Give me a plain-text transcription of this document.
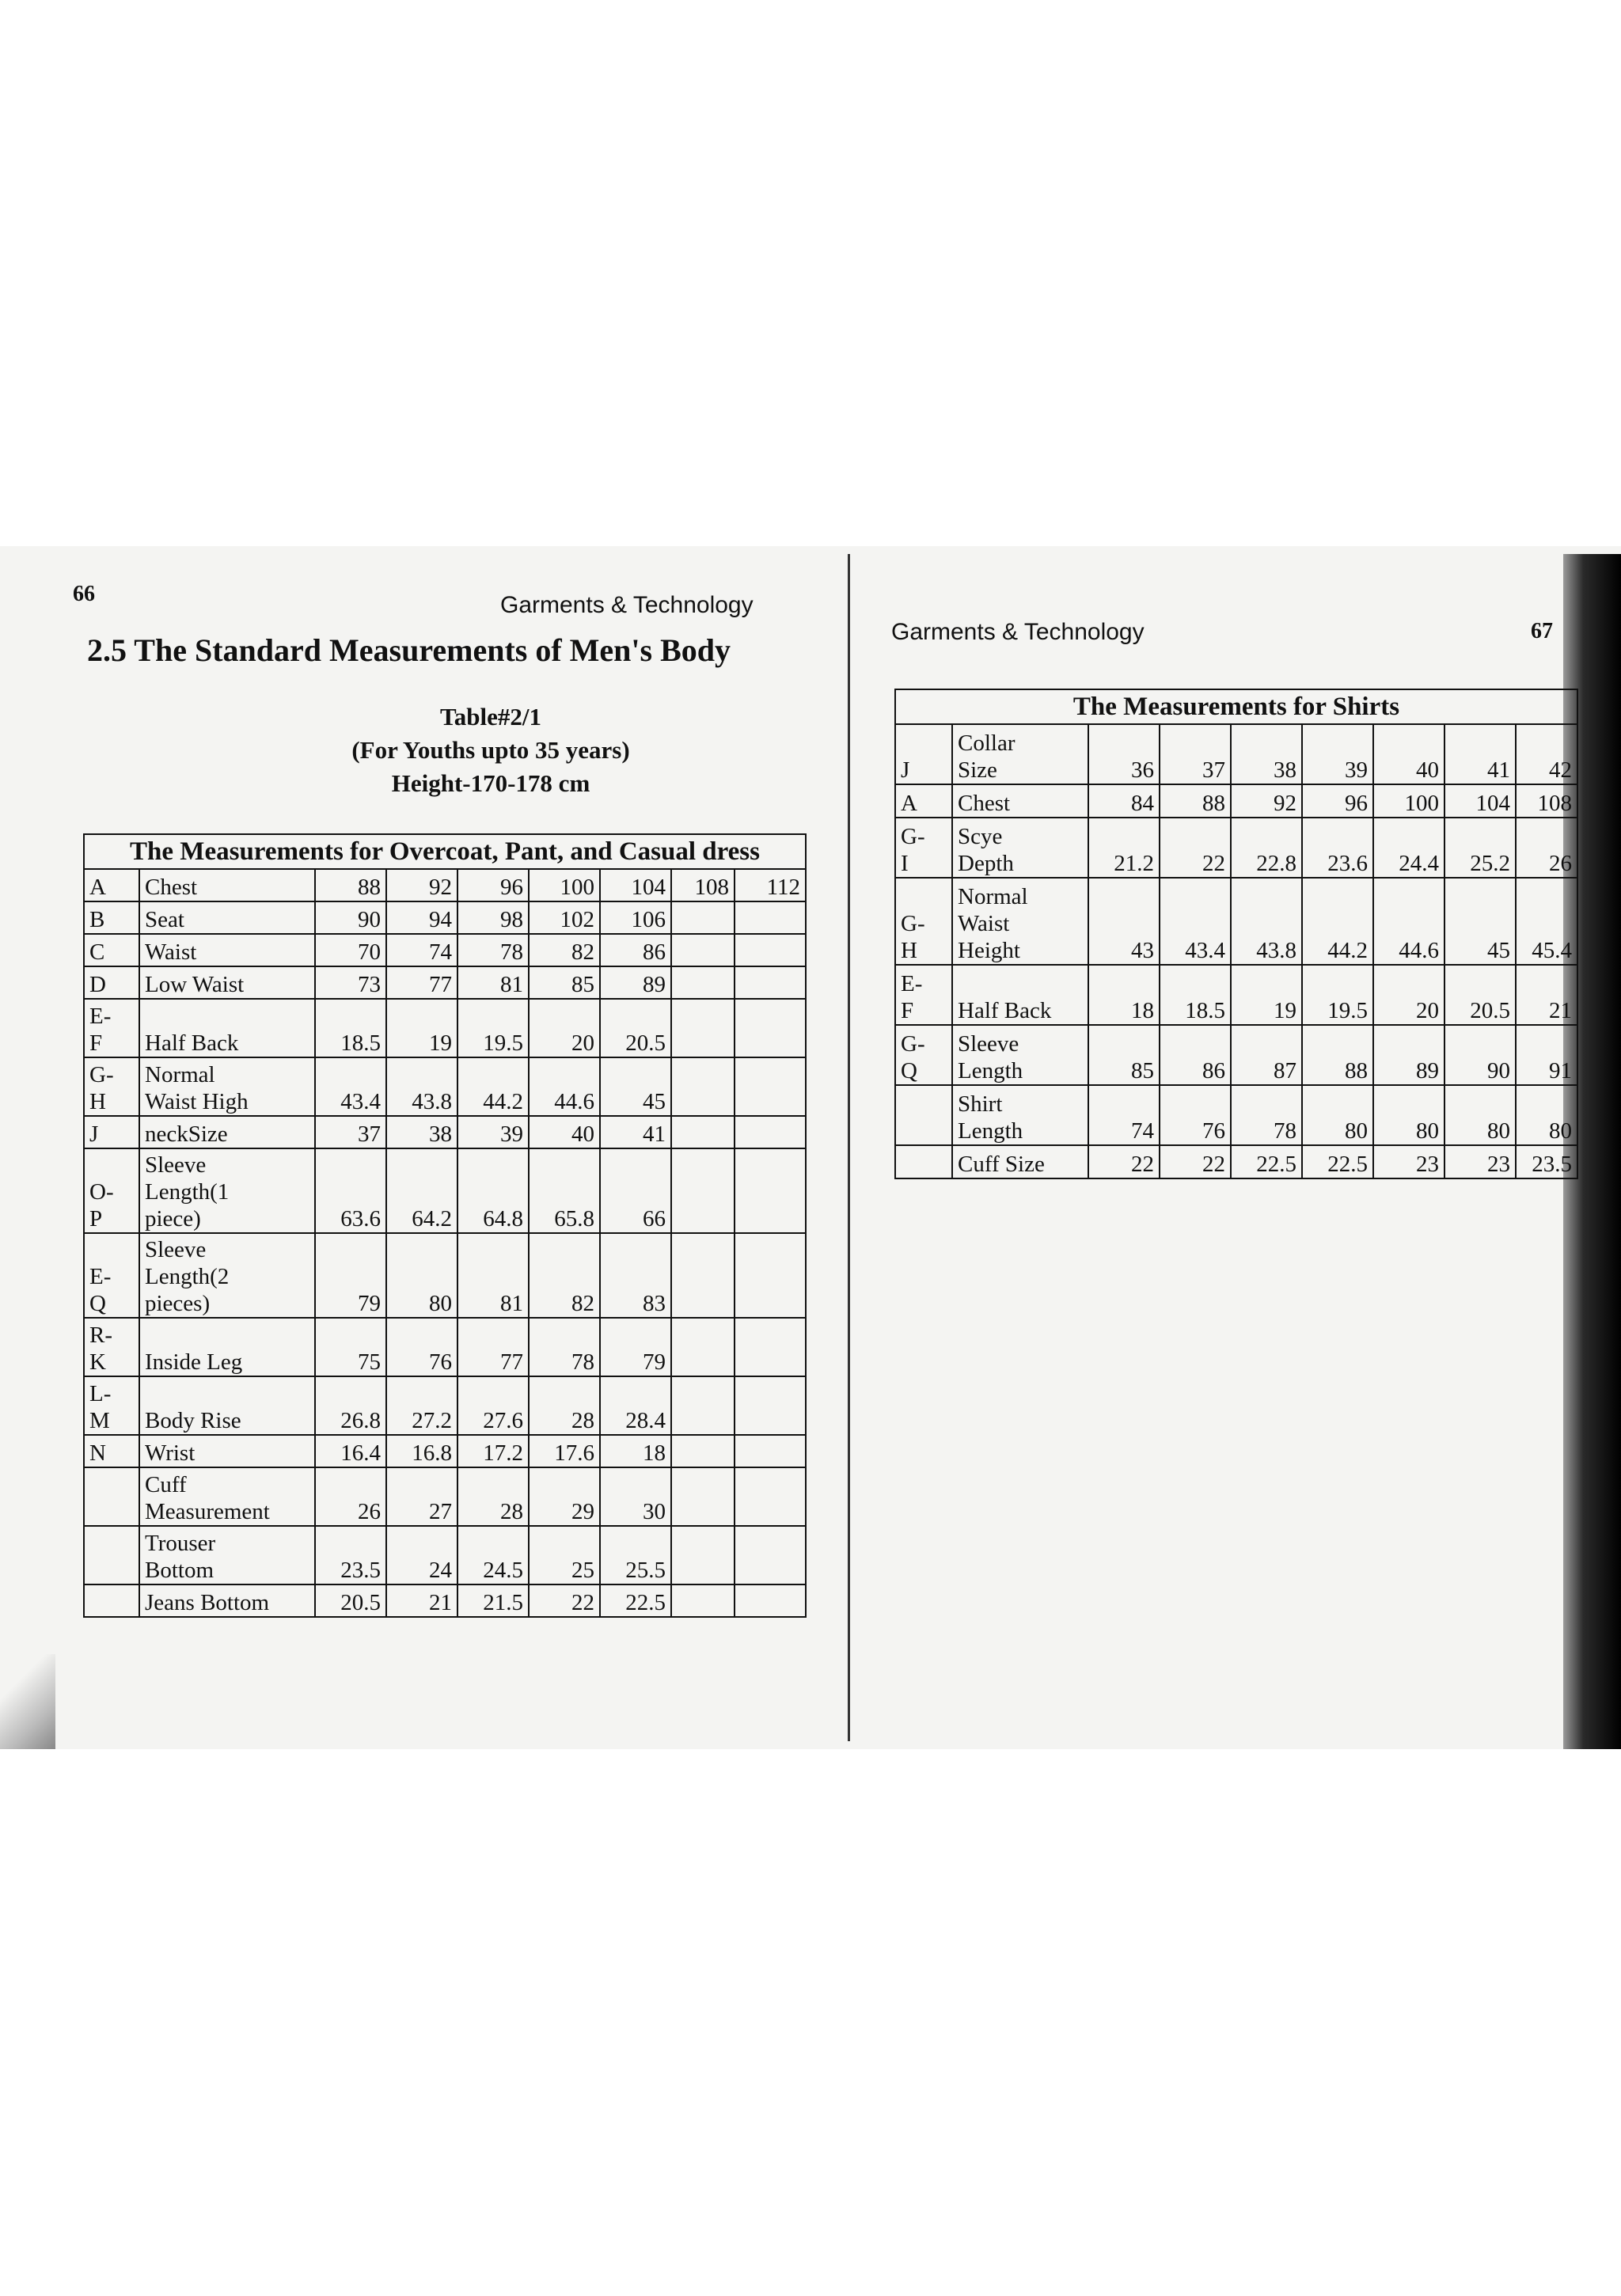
66	Garments & Technology
2.5 The Standard Measurements of Men's Body
Table#2/1
(For Youths upto 35 years)
Height-170-178 cm
The Measurements for Overcoat, Pant, and Casual dress								

A	Chest	88	92	96	100	104	108	112

B	Seat	90	94	98	102	106		

C	Waist	70	74	78	82	86		

D	Low Waist	73	77	81	85	89		

E-
F	Half Back	18.5	19	19.5	20	20.5		

G-
H	Normal
Waist High	43.4	43.8	44.2	44.6	45		

J	neckSize	37	38	39	40	41		

O-
P	Sleeve
Length(1
piece)	63.6	64.2	64.8	65.8	66		

E-
Q	Sleeve
Length(2
pieces)	79	80	81	82	83		

R-
K	Inside Leg	75	76	77	78	79		

L-
M	Body Rise	26.8	27.2	27.6	28	28.4		

N	Wrist	16.4	16.8	17.2	17.6	18		

	Cuff
Measurement	26	27	28	29	30		

	Trouser
Bottom	23.5	24	24.5	25	25.5		

	Jeans Bottom	20.5	21	21.5	22	22.5		
Garments & Technology	67
The Measurements for Shirts								

J	Collar
Size	36	37	38	39	40	41	42

A	Chest	84	88	92	96	100	104	108

G-
I	Scye
Depth	21.2	22	22.8	23.6	24.4	25.2	26

G-
H	Normal
Waist
Height	43	43.4	43.8	44.2	44.6	45	45.4

E-
F	Half Back	18	18.5	19	19.5	20	20.5	21

G-
Q	Sleeve
Length	85	86	87	88	89	90	91

	Shirt
Length	74	76	78	80	80	80	80

	Cuff Size	22	22	22.5	22.5	23	23	23.5
